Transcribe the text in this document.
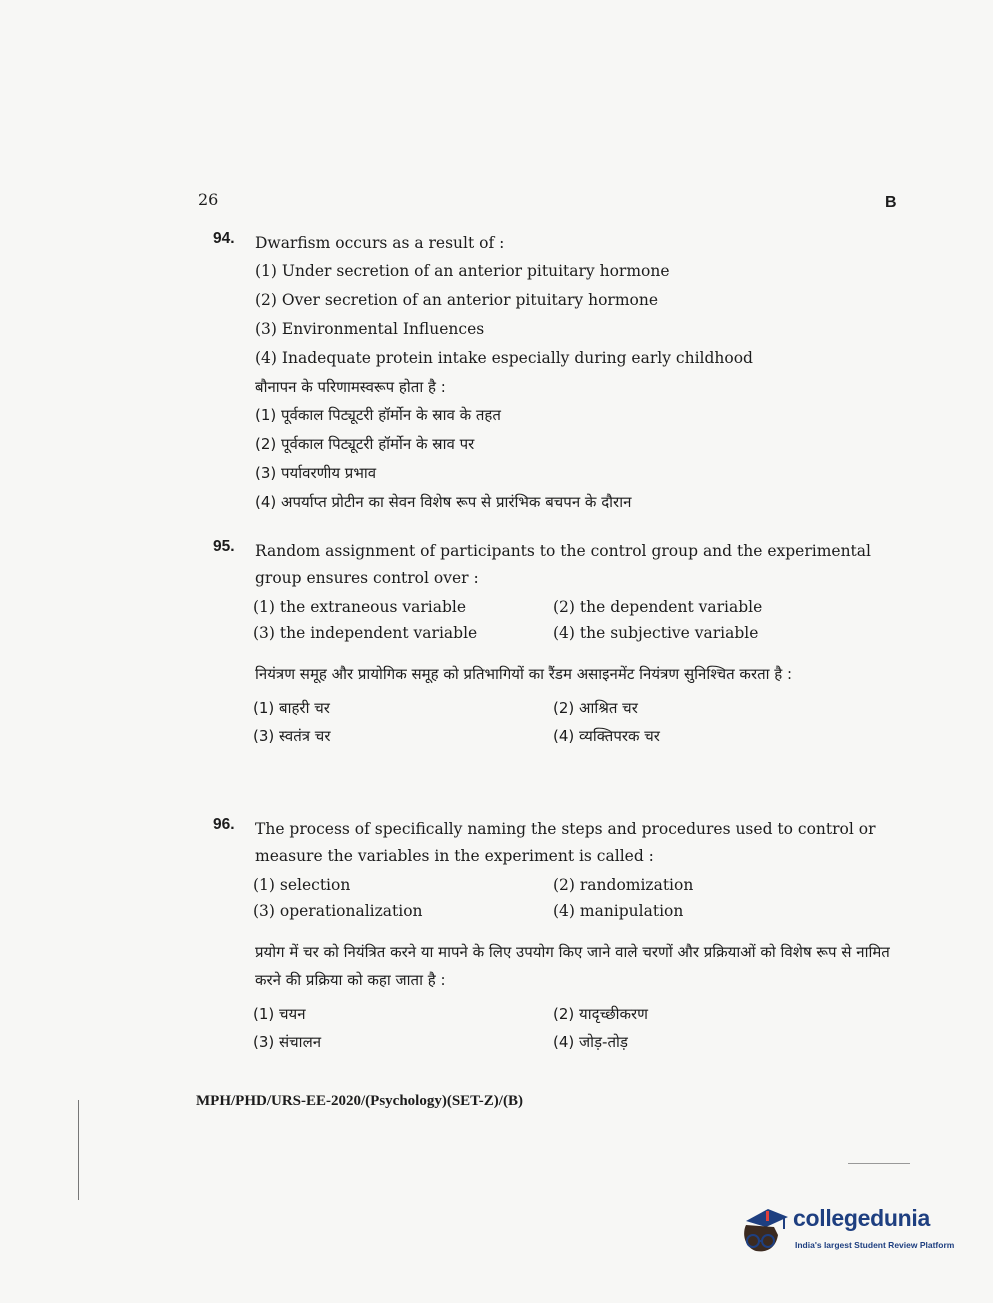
26	B
94. Dwarfism occurs as a result of :
(1) Under secretion of an anterior pituitary hormone
(2) Over secretion of an anterior pituitary hormone
(3) Environmental Influences
(4) Inadequate protein intake especially during early childhood
बौनापन के परिणामस्वरूप होता है :
(1) पूर्वकाल पिट्यूटरी हॉर्मोन के स्राव के तहत
(2) पूर्वकाल पिट्यूटरी हॉर्मोन के स्राव पर
(3) पर्यावरणीय प्रभाव
(4) अपर्याप्त प्रोटीन का सेवन विशेष रूप से प्रारंभिक बचपन के दौरान
95. Random assignment of participants to the control group and the experimental group ensures control over :
(1) the extraneous variable	(2) the dependent variable
(3) the independent variable	(4) the subjective variable
नियंत्रण समूह और प्रायोगिक समूह को प्रतिभागियों का रैंडम असाइनमेंट नियंत्रण सुनिश्चित करता है :
(1) बाहरी चर	(2) आश्रित चर
(3) स्वतंत्र चर	(4) व्यक्तिपरक चर
96. The process of specifically naming the steps and procedures used to control or measure the variables in the experiment is called :
(1) selection	(2) randomization
(3) operationalization	(4) manipulation
प्रयोग में चर को नियंत्रित करने या मापने के लिए उपयोग किए जाने वाले चरणों और प्रक्रियाओं को विशेष रूप से नामित करने की प्रक्रिया को कहा जाता है :
(1) चयन	(2) यादृच्छीकरण
(3) संचालन	(4) जोड़-तोड़
MPH/PHD/URS-EE-2020/(Psychology)(SET-Z)/(B)
collegedunia
India's largest Student Review Platform
